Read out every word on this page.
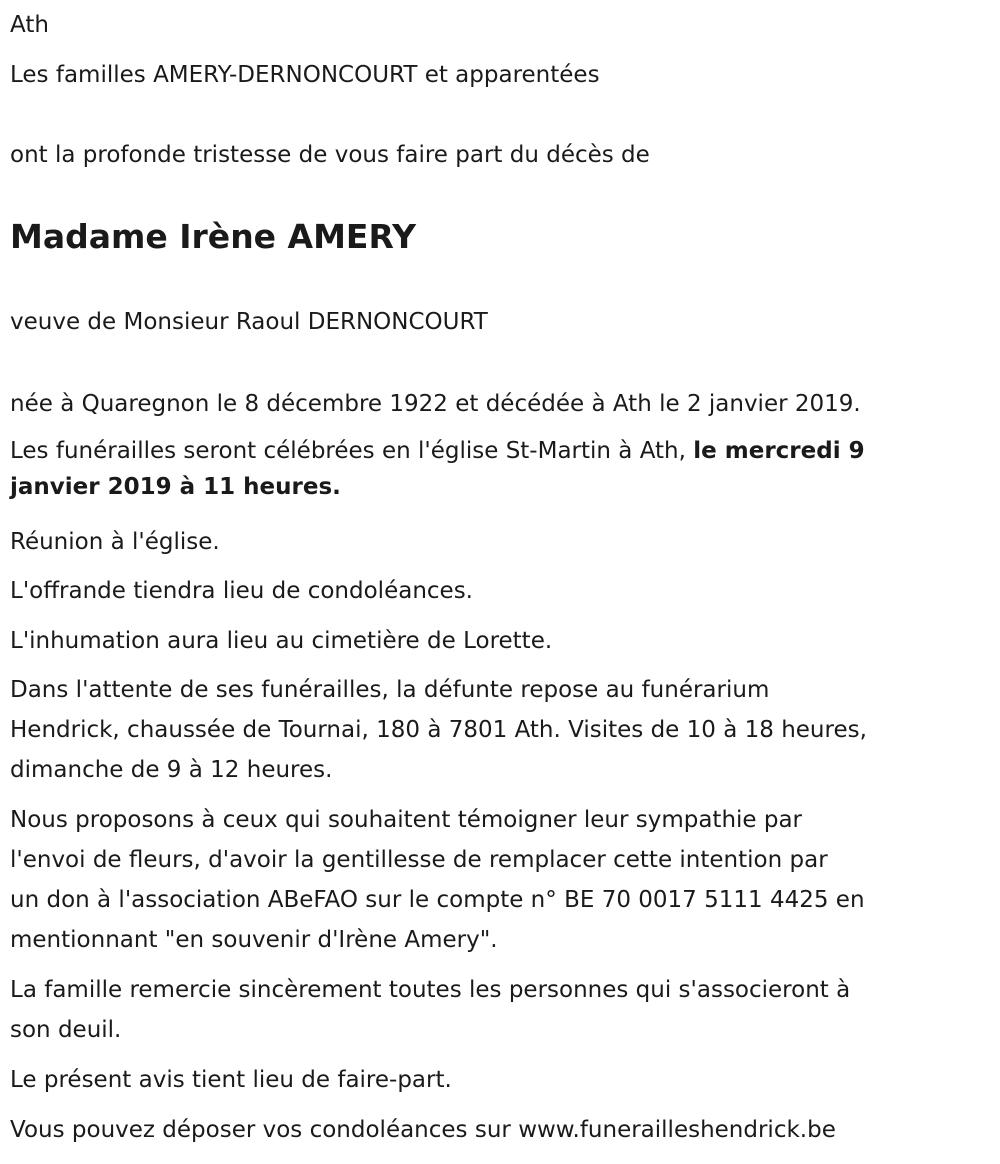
Ath
Les familles AMERY-DERNONCOURT et apparentées
ont la profonde tristesse de vous faire part du décès de
Madame Irène AMERY
veuve de Monsieur Raoul DERNONCOURT
née à Quaregnon le 8 décembre 1922 et décédée à Ath le 2 janvier 2019.
Les funérailles seront célébrées en l'église St-Martin à Ath, le mercredi 9
janvier 2019 à 11 heures.
Réunion à l'église.
L'offrande tiendra lieu de condoléances.
L'inhumation aura lieu au cimetière de Lorette.
Dans l'attente de ses funérailles, la défunte repose au funérarium
Hendrick, chaussée de Tournai, 180 à 7801 Ath. Visites de 10 à 18 heures,
dimanche de 9 à 12 heures.
Nous proposons à ceux qui souhaitent témoigner leur sympathie par
l'envoi de fleurs, d'avoir la gentillesse de remplacer cette intention par
un don à l'association ABeFAO sur le compte n° BE 70 0017 5111 4425 en
mentionnant "en souvenir d'Irène Amery".
La famille remercie sincèrement toutes les personnes qui s'associeront à
son deuil.
Le présent avis tient lieu de faire-part.
Vous pouvez déposer vos condoléances sur www.funerailleshendrick.be
